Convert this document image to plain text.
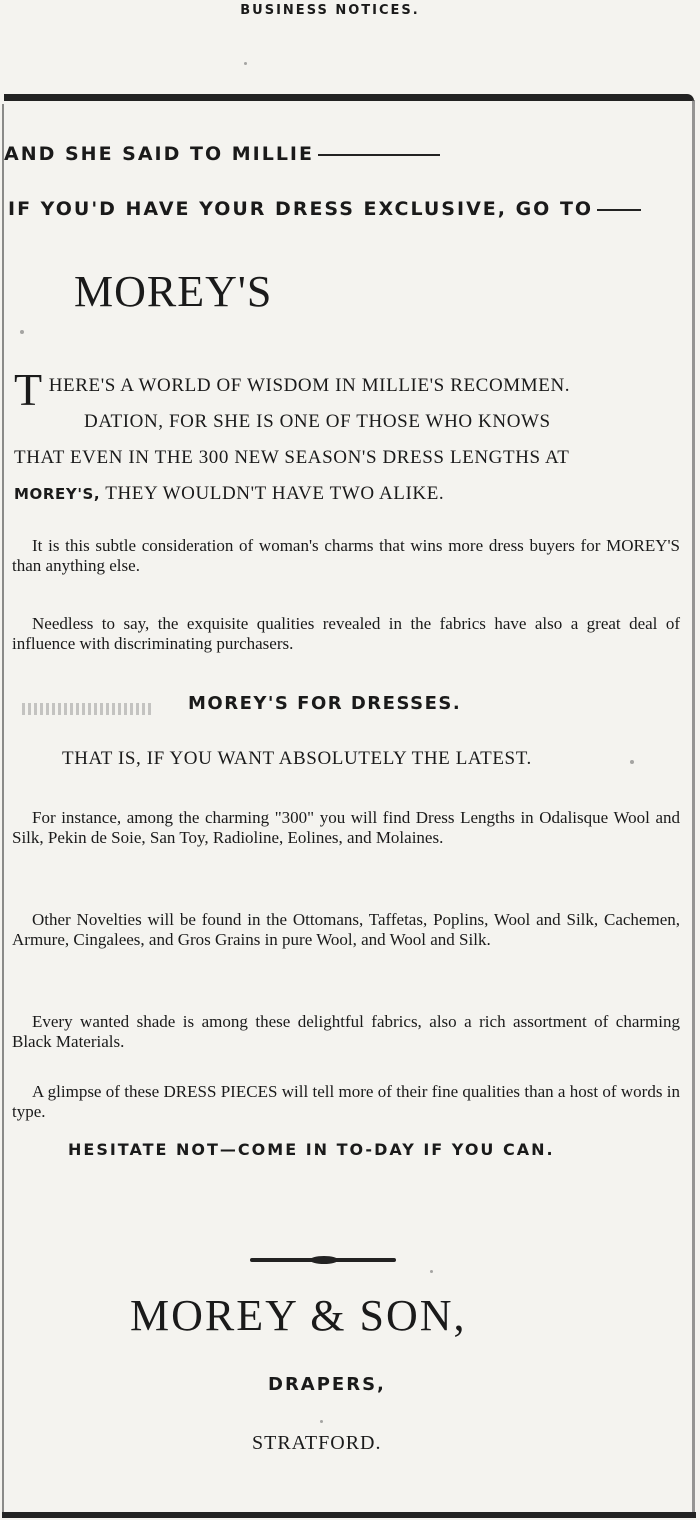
BUSINESS NOTICES.
AND SHE SAID TO MILLIE
IF YOU'D HAVE YOUR DRESS EXCLUSIVE, GO TO
MOREY'S
T HERE'S A WORLD OF WISDOM IN MILLIE'S RECOMMEN.
DATION, FOR SHE IS ONE OF THOSE WHO KNOWS
THAT EVEN IN THE 300 NEW SEASON'S DRESS LENGTHS AT
MOREY'S, THEY WOULDN'T HAVE TWO ALIKE.
It is this subtle consideration of woman's charms that wins more dress buyers for MOREY'S than anything else.
Needless to say, the exquisite qualities revealed in the fabrics have also a great deal of influence with discriminating purchasers.
MOREY'S FOR DRESSES.
THAT IS, IF YOU WANT ABSOLUTELY THE LATEST.
For instance, among the charming "300" you will find Dress Lengths in Odalisque Wool and Silk, Pekin de Soie, San Toy, Radioline, Eolines, and Molaines.
Other Novelties will be found in the Ottomans, Taffetas, Poplins, Wool and Silk, Cachemen, Armure, Cingalees, and Gros Grains in pure Wool, and Wool and Silk.
Every wanted shade is among these delightful fabrics, also a rich assortment of charming Black Materials.
A glimpse of these DRESS PIECES will tell more of their fine qualities than a host of words in type.
HESITATE NOT—COME IN TO-DAY IF YOU CAN.
MOREY & SON,
DRAPERS,
STRATFORD.
